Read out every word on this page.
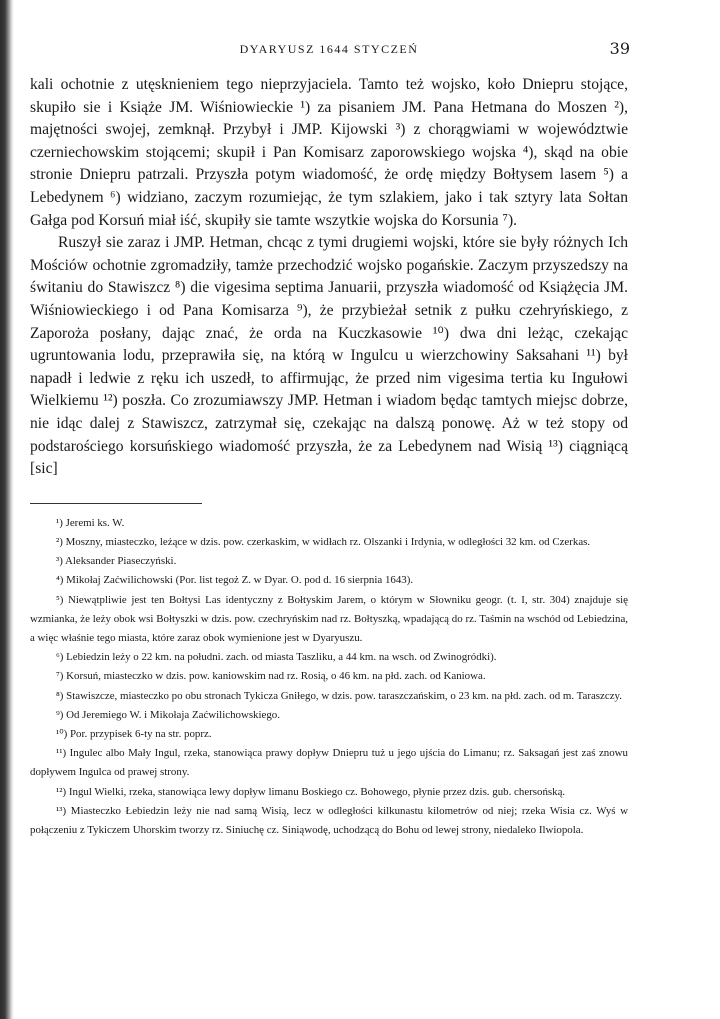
DYARYUSZ 1644 STYCZEŃ	39

kali ochotnie z utęsknieniem tego nieprzyjaciela. Tamto też wojsko, koło Dniepru stojące, skupiło sie i Książe JM. Wiśniowieckie ¹) za pisaniem JM. Pana Hetmana do Moszen ²), majętności swojej, zemknął. Przybył i JMP. Kijowski ³) z chorągwiami w województwie czerniechowskim stojącemi; skupił i Pan Komisarz zaporowskiego wojska ⁴), skąd na obie stronie Dniepru patrzali. Przyszła potym wiadomość, że ordę między Bołtysem lasem ⁵) a Lebedynem ⁶) widziano, zaczym rozumiejąc, że tym szlakiem, jako i tak sztyry lata Sołtan Gałga pod Korsuń miał iść, skupiły sie tamte wszytkie wojska do Korsunia ⁷).

Ruszył sie zaraz i JMP. Hetman, chcąc z tymi drugiemi wojski, które sie były różnych Ich Mościów ochotnie zgromadziły, tamże przechodzić wojsko pogańskie. Zaczym przyszedszy na świtaniu do Stawiszcz ⁸) die vigesima septima Januarii, przyszła wiadomość od Książęcia JM. Wiśniowieckiego i od Pana Komisarza ⁹), że przybieżał setnik z pułku czehryńskiego, z Zaporoża posłany, dając znać, że orda na Kuczkasowie ¹⁰) dwa dni leżąc, czekając ugruntowania lodu, przeprawiła się, na którą w Ingulcu u wierzchowiny Saksahani ¹¹) był napadł i ledwie z ręku ich uszedł, to affirmując, że przed nim vigesima tertia ku Ingułowi Wielkiemu ¹²) poszła. Co zrozumiawszy JMP. Hetman i wiadom będąc tamtych miejsc dobrze, nie idąc dalej z Stawiszcz, zatrzymał się, czekając na dalszą ponowę. Aż w też stopy od podstarościego korsuńskiego wiadomość przyszła, że za Lebedynem nad Wisią ¹³) ciągniącą [sic]

¹) Jeremi ks. W.

²) Moszny, miasteczko, leżące w dzis. pow. czerkaskim, w widłach rz. Olszanki i Irdynia, w odległości 32 km. od Czerkas.

³) Aleksander Piaseczyński.

⁴) Mikołaj Zaćwilichowski (Por. list tegoż Z. w Dyar. O. pod d. 16 sierpnia 1643).

⁵) Niewątpliwie jest ten Bołtysi Las identyczny z Bołtyskim Jarem, o którym w Słowniku geogr. (t. I, str. 304) znajduje się wzmianka, że leży obok wsi Bołtyszki w dzis. pow. czechryńskim nad rz. Bołtyszką, wpadającą do rz. Taśmin na wschód od Lebiedzina, a więc właśnie tego miasta, które zaraz obok wymienione jest w Dyaryuszu.

⁶) Lebiedzin leży o 22 km. na południ. zach. od miasta Taszliku, a 44 km. na wsch. od Zwinogródki).

⁷) Korsuń, miasteczko w dzis. pow. kaniowskim nad rz. Rosią, o 46 km. na płd. zach. od Kaniowa.

⁸) Stawiszcze, miasteczko po obu stronach Tykicza Gniłego, w dzis. pow. taraszczańskim, o 23 km. na płd. zach. od m. Taraszczy.

⁹) Od Jeremiego W. i Mikołaja Zaćwilichowskiego.

¹⁰) Por. przypisek 6-ty na str. poprz.

¹¹) Ingulec albo Mały Ingul, rzeka, stanowiąca prawy dopływ Dniepru tuż u jego ujścia do Limanu; rz. Saksagań jest zaś znowu dopływem Ingulca od prawej strony.

¹²) Ingul Wielki, rzeka, stanowiąca lewy dopływ limanu Boskiego cz. Bohowego, płynie przez dzis. gub. chersońską.

¹³) Miasteczko Łebiedzin leży nie nad samą Wisią, lecz w odległości kilkunastu kilometrów od niej; rzeka Wisia cz. Wyś w połączeniu z Tykiczem Uhorskim tworzy rz. Siniuchę cz. Siniąwodę, uchodzącą do Bohu od lewej strony, niedaleko Ilwiopola.
